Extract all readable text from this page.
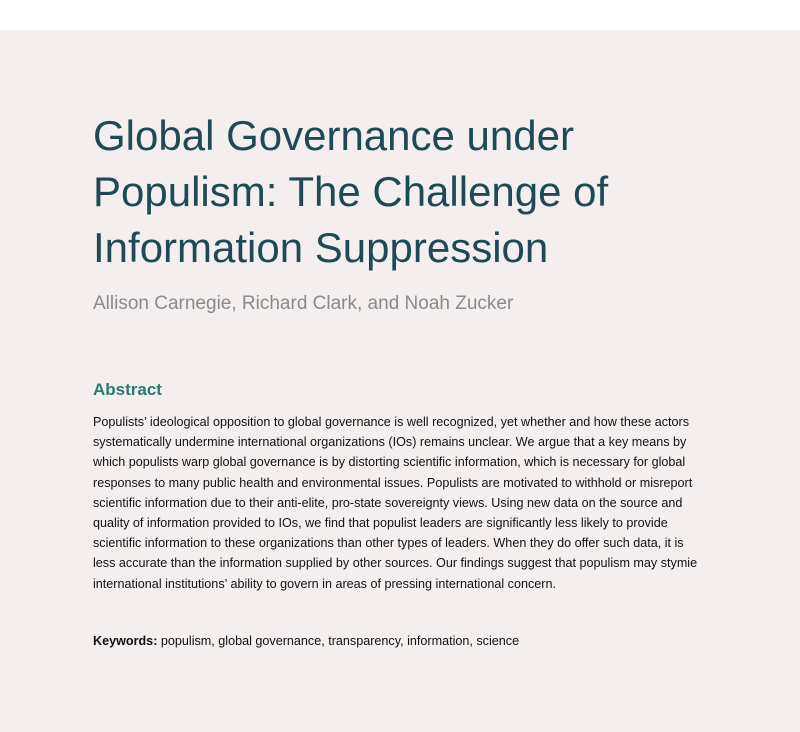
Global Governance under Populism: The Challenge of Information Suppression

Allison Carnegie, Richard Clark, and Noah Zucker

Abstract

Populists’ ideological opposition to global governance is well recognized, yet whether and how these actors systematically undermine international organizations (IOs) remains unclear. We argue that a key means by which populists warp global governance is by distorting scientific information, which is necessary for global responses to many public health and environmental issues. Populists are motivated to withhold or misreport scientific information due to their anti-elite, pro-state sovereignty views. Using new data on the source and quality of information provided to IOs, we find that populist leaders are significantly less likely to provide scientific information to these organizations than other types of leaders. When they do offer such data, it is less accurate than the information supplied by other sources. Our findings suggest that populism may stymie international institutions’ ability to govern in areas of pressing international concern.

Keywords: populism, global governance, transparency, information, science
